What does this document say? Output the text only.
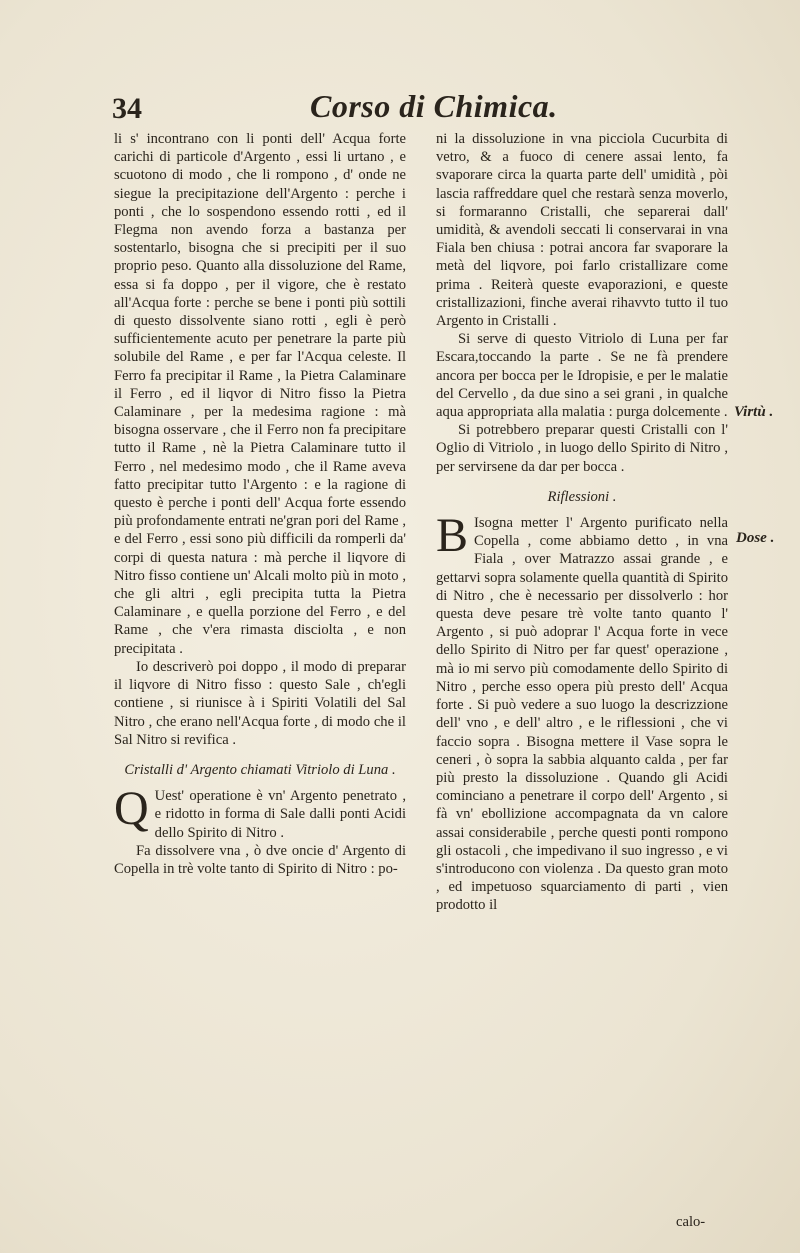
34	Corso di Chimica.

li s' incontrano con li ponti dell' Acqua forte carichi di particole d'Argento , essi li urtano , e scuotono di modo , che li rompono , d' onde ne siegue la precipitazione dell'Argento : perche i ponti , che lo sospendono essendo rotti , ed il Flegma non avendo forza a bastanza per sostentarlo, bisogna che si precipiti per il suo proprio peso. Quanto alla dissoluzione del Rame, essa si fa doppo , per il vigore, che è restato all'Acqua forte : perche se bene i ponti più sottili di questo dissolvente siano rotti , egli è però sufficientemente acuto per penetrare la parte più solubile del Rame , e per far l'Acqua celeste. Il Ferro fa precipitar il Rame , la Pietra Calaminare il Ferro , ed il liqvor di Nitro fisso la Pietra Calaminare , per la medesima ragione : mà bisogna osservare , che il Ferro non fa precipitare tutto il Rame , nè la Pietra Calaminare tutto il Ferro , nel medesimo modo , che il Rame aveva fatto precipitar tutto l'Argento : e la ragione di questo è perche i ponti dell' Acqua forte essendo più profondamente entrati ne'gran pori del Rame , e del Ferro , essi sono più difficili da romperli da' corpi di questa natura : mà perche il liqvore di Nitro fisso contiene un' Alcali molto più in moto , che gli altri , egli precipita tutta la Pietra Calaminare , e quella porzione del Ferro , e del Rame , che v'era rimasta disciolta , e non precipitata .

Io descriverò poi doppo , il modo di preparar il liqvore di Nitro fisso : questo Sale , ch'egli contiene , si riunisce à i Spiriti Volatili del Sal Nitro , che erano nell'Acqua forte , di modo che il Sal Nitro si revifica .

Cristalli d' Argento chiamati Vitriolo di Luna .

Q Uest' operatione è vn' Argento penetrato , e ridotto in forma di Sale dalli ponti Acidi dello Spirito di Nitro .

Fa dissolvere vna , ò dve oncie d' Argento di Copella in trè volte tanto di Spirito di Nitro : po-

ni la dissoluzione in vna picciola Cucurbita di vetro, & a fuoco di cenere assai lento, fa svaporare circa la quarta parte dell' umidità , pòi lascia raffreddare quel che restarà senza moverlo, si formaranno Cristalli, che separerai dall' umidità, & avendoli seccati li conservarai in vna Fiala ben chiusa : potrai ancora far svaporare la metà del liqvore, poi farlo cristallizare come prima . Reiterà queste evaporazioni, e queste cristallizazioni, finche averai rihavvto tutto il tuo Argento in Cristalli .

Si serve di questo Vitriolo di Luna per far Escara,toccando la parte . Se ne fà prendere ancora per bocca per le Idropisie, e per le malatie del Cervello , da due sino a sei grani , in qualche aqua appropriata alla malatia : purga dolcemente .

Si potrebbero preparar questi Cristalli con l' Oglio di Vitriolo , in luogo dello Spirito di Nitro , per servirsene da dar per bocca .

Riflessioni .

B Isogna metter l' Argento purificato nella Copella , come abbiamo detto , in vna Fiala , over Matrazzo assai grande , e gettarvi sopra solamente quella quantità di Spirito di Nitro , che è necessario per dissolverlo : hor questa deve pesare trè volte tanto quanto l' Argento , si può adoprar l' Acqua forte in vece dello Spirito di Nitro per far quest' operazione , mà io mi servo più comodamente dello Spirito di Nitro , perche esso opera più presto dell' Acqua forte . Si può vedere a suo luogo la descrizzione dell' vno , e dell' altro , e le riflessioni , che vi faccio sopra . Bisogna mettere il Vase sopra le ceneri , ò sopra la sabbia alquanto calda , per far più presto la dissoluzione . Quando gli Acidi cominciano a penetrare il corpo dell' Argento , si fà vn' ebollizione accompagnata da vn calore assai considerabile , perche questi ponti rompono gli ostacoli , che impedivano il suo ingresso , e vi s'introducono con violenza . Da questo gran moto , ed impetuoso squarciamento di parti , vien prodotto il

Virtù .
Dose .
calo-
